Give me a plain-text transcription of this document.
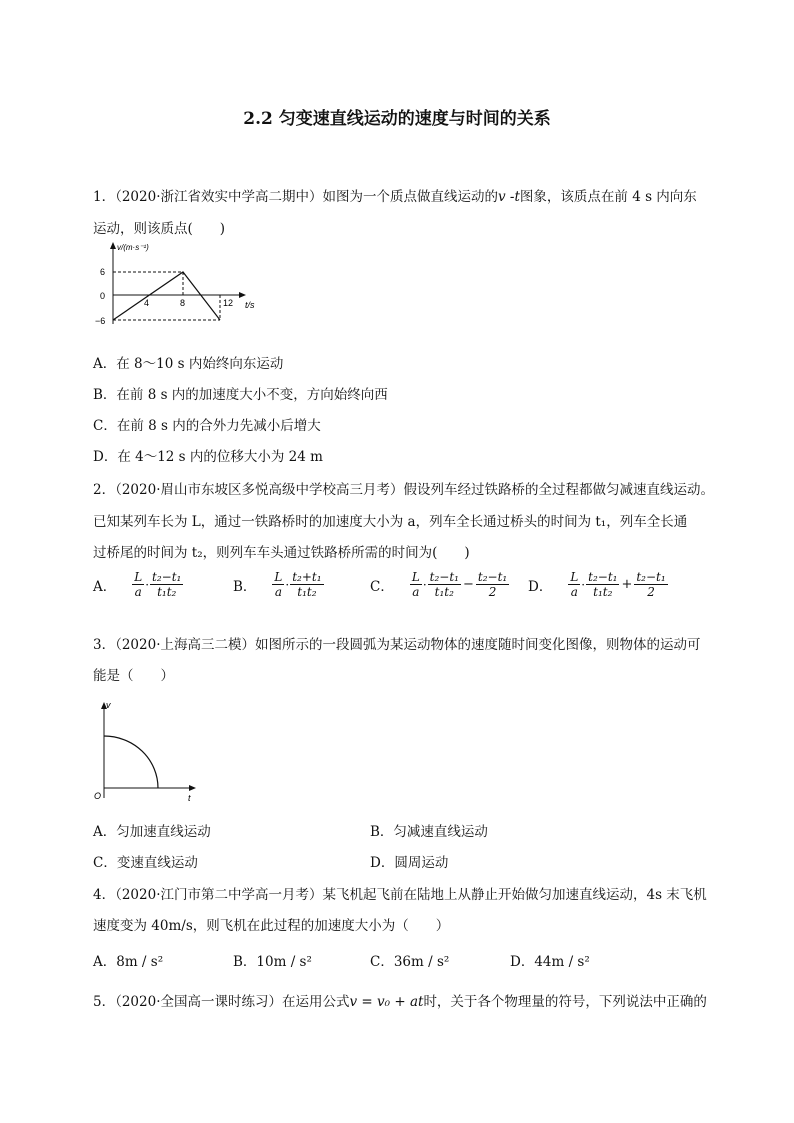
2.2 匀变速直线运动的速度与时间的关系
1．（2020·浙江省效实中学高二期中）如图为一个质点做直线运动的v -t图象，该质点在前 4 s 内向东
运动，则该质点(　　)
v/(m·s⁻¹)
6
0
−6
4	8	12 t/s
A．在 8～10 s 内始终向东运动
B．在前 8 s 内的加速度大小不变，方向始终向西
C．在前 8 s 内的合外力先减小后增大
D．在 4～12 s 内的位移大小为 24 m
2．（2020·眉山市东坡区多悦高级中学校高三月考）假设列车经过铁路桥的全过程都做匀减速直线运动。
已知某列车长为 L，通过一铁路桥时的加速度大小为 a，列车全长通过桥头的时间为 t₁，列车全长通
过桥尾的时间为 t₂，则列车车头通过铁路桥所需的时间为(　　)
A． $\frac{L}{a} \cdot \frac{\text{t₂−t₁}}{\text{t₁t₂}}$	B． $\frac{L}{a} \cdot \frac{\text{t₂+t₁}}{\text{t₁t₂}}$	C． $\frac{L}{a} \cdot \frac{\text{t₂−t₁}}{\text{t₁t₂}} - \frac{\text{t₂−t₁}}{2}$ D． $\frac{L}{a} \cdot \frac{\text{t₂−t₁}}{\text{t₁t₂}} + \frac{\text{t₂−t₁}}{2}$
3．（2020·上海高三二模）如图所示的一段圆弧为某运动物体的速度随时间变化图像，则物体的运动可
能是（　　）
v
O	t
A．匀加速直线运动	B．匀减速直线运动
C．变速直线运动	D．圆周运动
4．（2020·江门市第二中学高一月考）某飞机起飞前在陆地上从静止开始做匀加速直线运动，4s 末飞机
速度变为 40m/s，则飞机在此过程的加速度大小为（　　）
A．8m / s²	B．10m / s²	C．36m / s²	D．44m / s²
5．（2020·全国高一课时练习）在运用公式v = v₀ + at时，关于各个物理量的符号，下列说法中正确的
